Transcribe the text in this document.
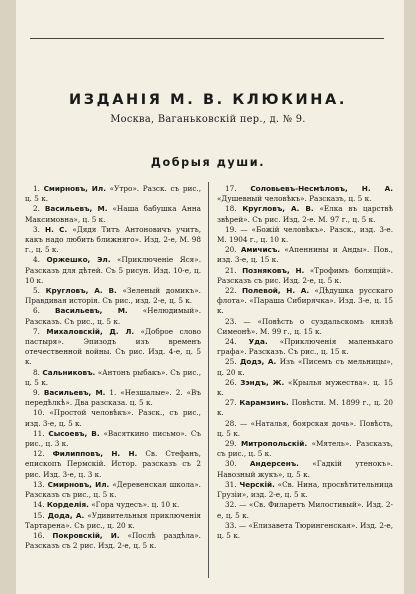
ИЗДАНІЯ М. В. КЛЮКИНА.
Москва, Ваганьковскій пер., д. № 9.
Добрыя души.
1. Смирновъ, Ил. «Утро». Разск. съ рис., ц. 5 к.
2. Васильевъ, М. «Наша бабушка Анна Максимовна», ц. 5 к.
3. Н. С. «Дядя Титъ Антоновичъ учитъ, какъ надо любить ближняго». Изд. 2-е, М. 98 г., ц. 5 к.
4. Оржешко, Эл. «Приключеніе Яся». Разсказъ для дѣтей. Съ 5 рисун. Изд. 10-е, ц. 10 к.
5. Кругловъ, А. В. «Зеленый домикъ». Правдивая исторія. Съ рис., изд. 2-е, ц. 5 к.
6. Васильевъ, М. «Нелюдимый». Разсказъ. Съ рис., ц. 5 к.
7. Михаловскій, Д. Л. «Доброе слово пастыря». Эпизодъ изъ временъ отечественной войны. Съ рис. Изд. 4-е, ц. 5 к.
8. Сальниковъ. «Антонъ рыбакъ». Съ рис., ц. 5 к.
9. Васильевъ, М. 1. «Незшалые». 2. «Въ передѣлкѣ». Два разсказа. ц. 5 к.
10. «Простой человѣкъ». Разск., съ рис., изд. 3-е, ц. 5 к.
11. Сысоевъ, В. «Васяткино письмо». Съ рис., ц. 3 к.
12. Филипповъ, Н. Н. Св. Стефанъ, епископъ Пермскій. Истор. разсказъ съ 2 рис. Изд. 3-е, ц. 3 к.
13. Смирновъ, Ил. «Деревенская школа». Разсказъ съ рис., ц. 5 к.
14. Корделія. «Гора чудесъ». ц. 10 к.
15. Дода, А. «Удивительныя приключенія Тартарена». Съ рис., ц. 20 к.
16. Покровскій, И. «Послѣ раздѣла». Разсказъ съ 2 рис. Изд. 2-е, ц. 5 к.
17. Соловьевъ-Несмѣловъ, Н. А. «Душевный человѣкъ». Разсказъ, ц. 5 к.
18. Кругловъ, А. В. «Елка въ царствѣ звѣрей». Съ рис. Изд. 2-е. М. 97 г., ц. 5 к.
19. — «Божій человѣкъ». Разск., изд. 3-е. М. 1904 г., ц. 10 к.
20. Амичисъ. «Апеннины и Анды». Пов., изд. 3-е, ц. 15 к.
21. Позняковъ, Н. «Трофимъ болящій». Разсказъ съ рис. Изд. 2-е, ц. 5 к.
22. Полевой, Н. А. «Дѣдушка русскаго флота». «Параша Сибирячка». Изд. 3-е, ц. 15 к.
23. — «Повѣсть о суздальскомъ князѣ Симеонѣ». М. 99 г., ц. 15 к.
24. Уда. «Приключенія маленькаго графа». Разсказъ. Съ рис., ц. 15 к.
25. Додэ, А. Изъ «Писемъ съ мельницы», ц. 20 к.
26. Зэндъ, Ж. «Крылья мужества». ц. 15 к.
27. Карамзинъ. Повѣсти. М. 1899 г., ц. 20 к.
28. — «Наталья, боярская дочь». Повѣсть, ц. 5 к.
29. Митропольскій. «Мятель». Разсказъ, съ рис., ц. 5 к.
30. Андерсенъ. «Гадкій утенокъ». Навозный жукъ», ц. 5 к.
31. Черскій. «Св. Нина, просвѣтительница Грузіи», изд. 2-е, ц. 5 к.
32. — «Св. Филаретъ Милостивый». Изд. 2-е, ц. 5 к.
33. — «Елизавета Тюрингенская». Изд. 2-е, ц. 5 к.
